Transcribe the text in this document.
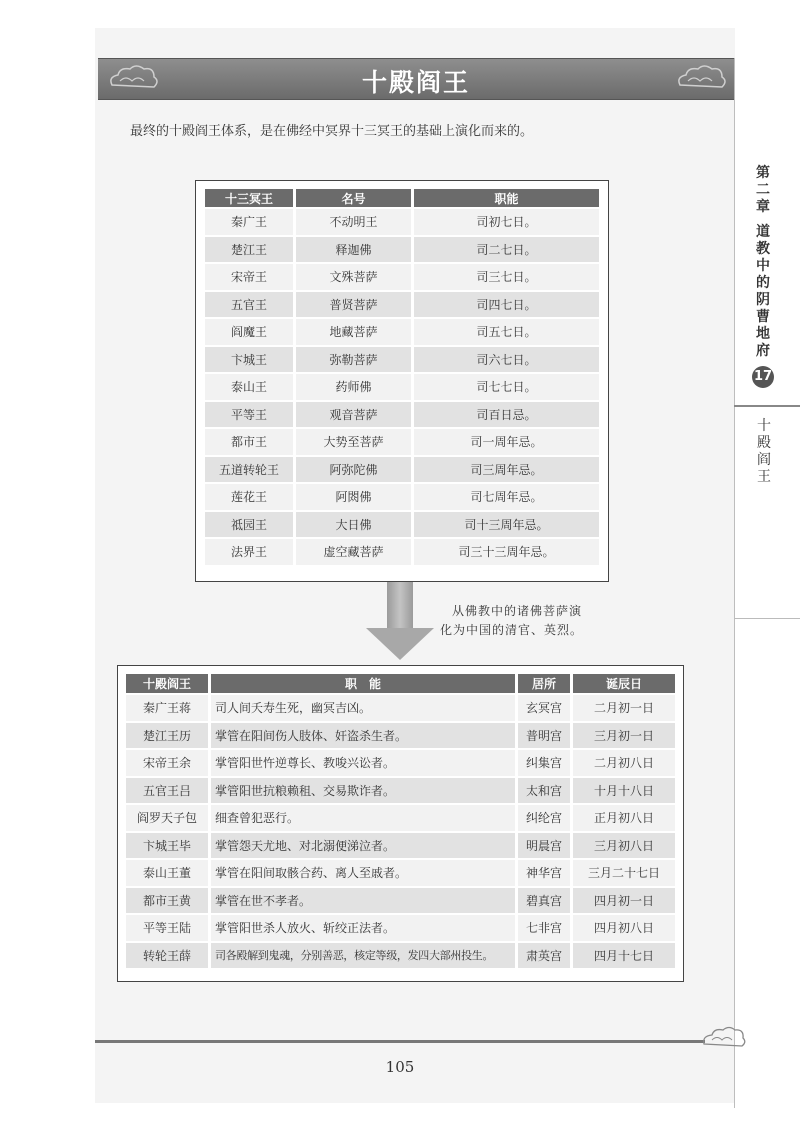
十殿阎王
最终的十殿阎王体系，是在佛经中冥界十三冥王的基础上演化而来的。
第
二
章
道
教
中
的
阴
曹
地
府
17
十
殿
阎
王
十三冥王	名号	职能
秦广王	不动明王	司初七日。
楚江王	释迦佛	司二七日。
宋帝王	文殊菩萨	司三七日。
五官王	普贤菩萨	司四七日。
阎魔王	地藏菩萨	司五七日。
卞城王	弥勒菩萨	司六七日。
泰山王	药师佛	司七七日。
平等王	观音菩萨	司百日忌。
都市王	大势至菩萨	司一周年忌。
五道转轮王	阿弥陀佛	司三周年忌。
莲花王	阿閦佛	司七周年忌。
祗园王	大日佛	司十三周年忌。
法界王	虚空藏菩萨	司三十三周年忌。
从佛教中的诸佛菩萨演
化为中国的清官、英烈。
十殿阎王	职　能	居所	诞辰日
秦广王蒋	司人间夭寿生死，幽冥吉凶。	玄冥宫	二月初一日
楚江王历	掌管在阳间伤人肢体、奸盗杀生者。	普明宫	三月初一日
宋帝王余	掌管阳世忤逆尊长、教唆兴讼者。	纠集宫	二月初八日
五官王吕	掌管阳世抗粮赖租、交易欺诈者。	太和宫	十月十八日
阎罗天子包	细查曾犯恶行。	纠纶宫	正月初八日
卞城王毕	掌管怨天尤地、对北溺便涕泣者。	明晨宫	三月初八日
泰山王董	掌管在阳间取骸合药、离人至戚者。	神华宫	三月二十七日
都市王黄	掌管在世不孝者。	碧真宫	四月初一日
平等王陆	掌管阳世杀人放火、斩绞正法者。	七非宫	四月初八日
转轮王薛	司各殿解到鬼魂，分别善恶，核定等级，发四大部州投生。	肃英宫	四月十七日
105
